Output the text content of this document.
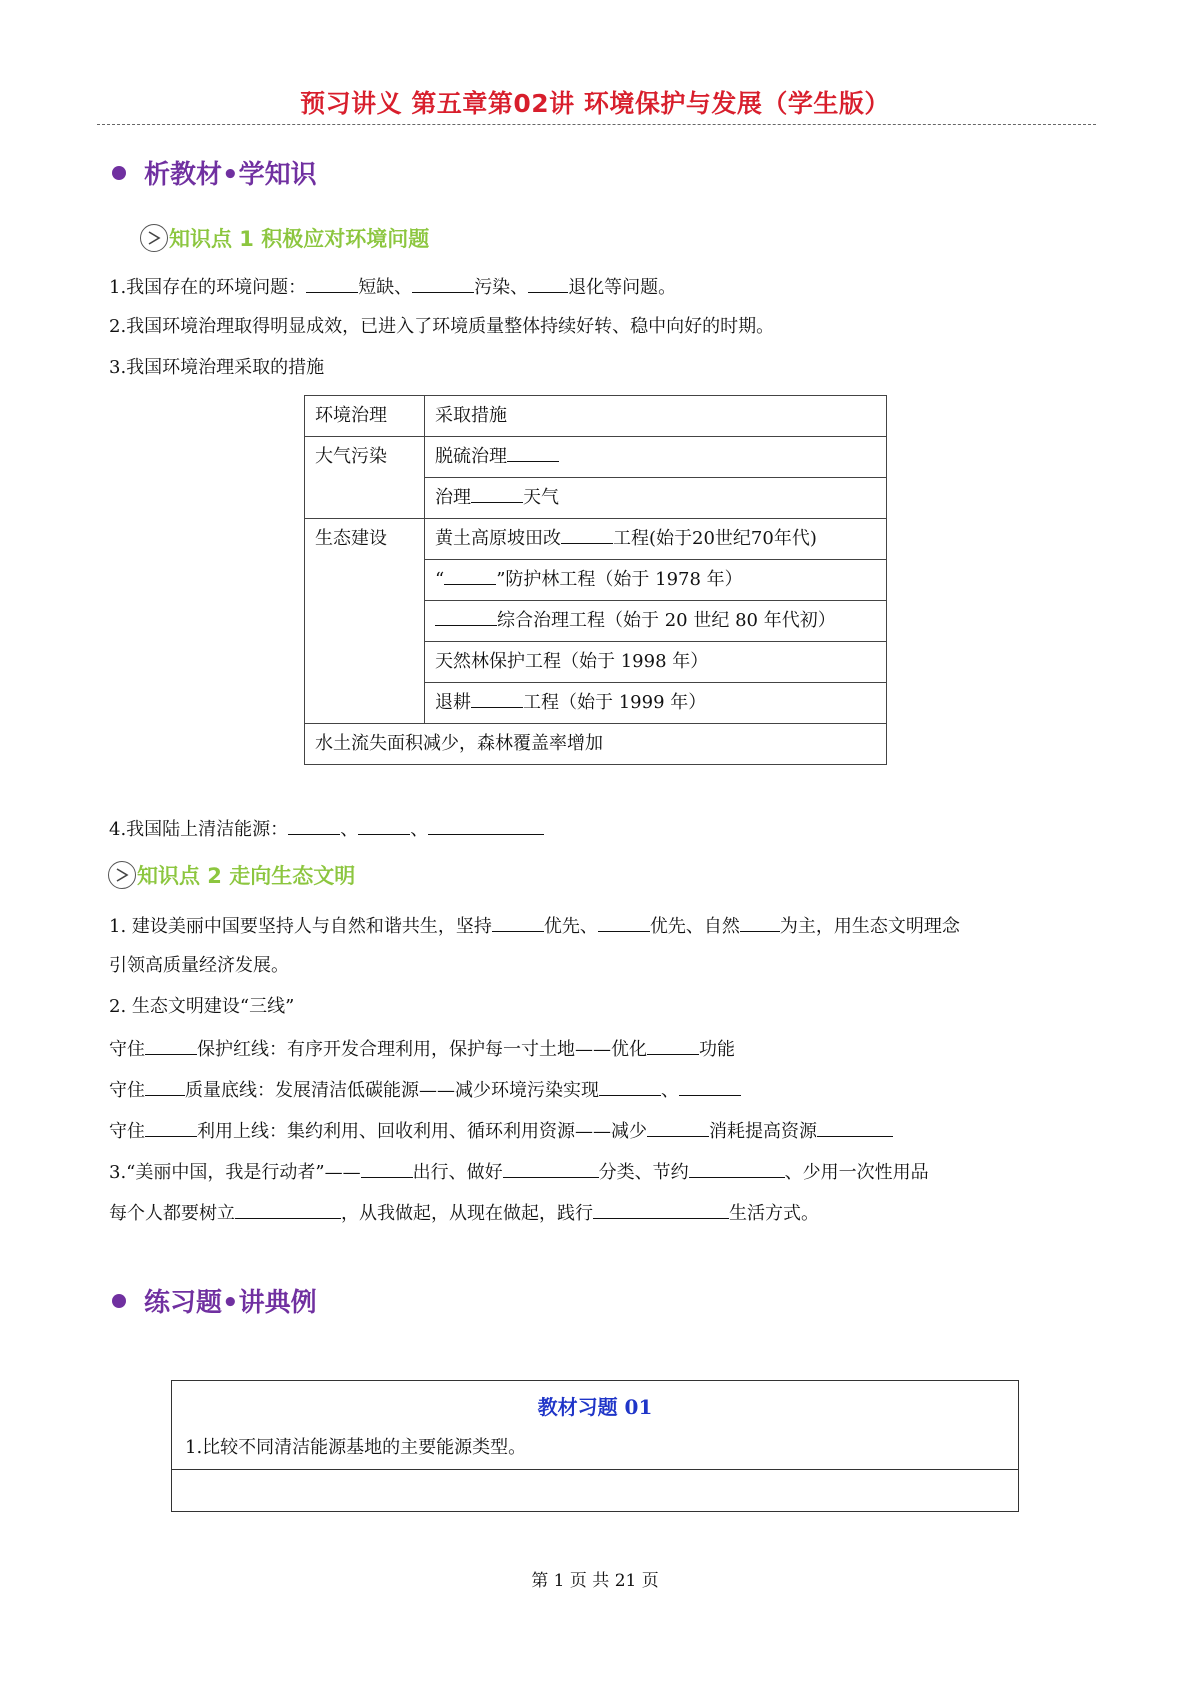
预习讲义 第五章第02讲 环境保护与发展（学生版）
析教材•学知识
知识点 1 积极应对环境问题
1.我国存在的环境问题：	短缺、	污染、 退化等问题。
2.我国环境治理取得明显成效，已进入了环境质量整体持续好转、稳中向好的时期。
3.我国环境治理采取的措施
环境治理	采取措施
大气污染	脱硫治理
	治理 天气
生态建设	黄土高原坡田改 工程(始于20世纪70年代)
	“ ”防护林工程（始于 1978 年）
	综合治理工程（始于 20 世纪 80 年代初）
	天然林保护工程（始于 1998 年）
	退耕 工程（始于 1999 年）
水土流失面积减少，森林覆盖率增加	
4.我国陆上清洁能源：	、	、
知识点 2 走向生态文明
1. 建设美丽中国要坚持人与自然和谐共生，坚持	优先、	优先、自然 为主，用生态文明理念
引领高质量经济发展。
2. 生态文明建设“三线”
守住	保护红线：有序开发合理利用，保护每一寸土地——优化	功能
守住 质量底线：发展清洁低碳能源——减少环境污染实现	、
守住	利用上线：集约利用、回收利用、循环利用资源——减少	消耗提高资源
3.“美丽中国，我是行动者”——	出行、做好	分类、节约	、少用一次性用品
每个人都要树立	，从我做起，从现在做起，践行	生活方式。
练习题•讲典例
教材习题 01
1.比较不同清洁能源基地的主要能源类型。
第 1 页 共 21 页
